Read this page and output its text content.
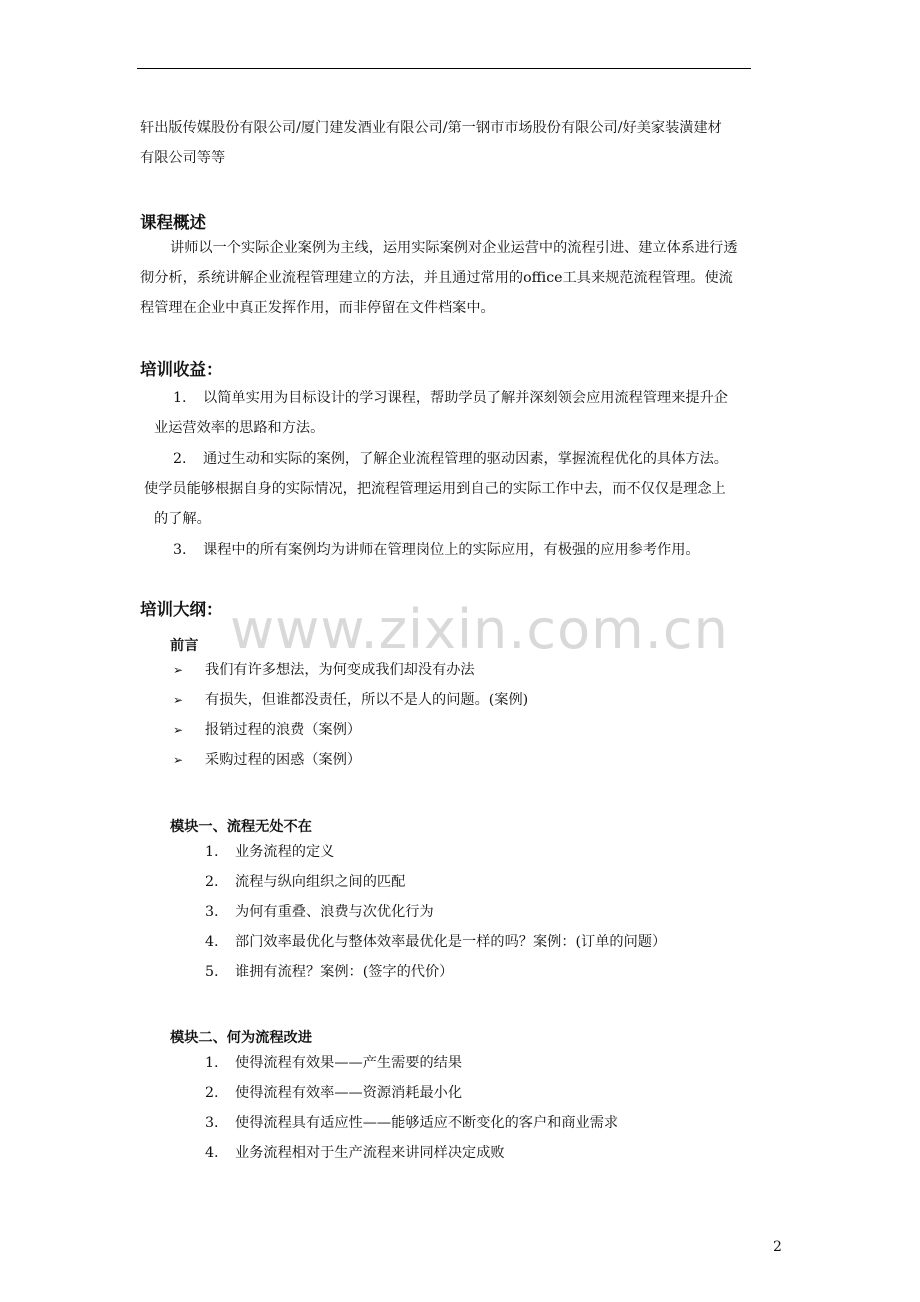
www.zixin.com.cn
轩出版传媒股份有限公司/厦门建发酒业有限公司/第一钢市市场股份有限公司/好美家装潢建材
有限公司等等
课程概述
讲师以一个实际企业案例为主线，运用实际案例对企业运营中的流程引进、建立体系进行透
彻分析，系统讲解企业流程管理建立的方法，并且通过常用的office工具来规范流程管理。使流
程管理在企业中真正发挥作用，而非停留在文件档案中。
培训收益：
1. 以简单实用为目标设计的学习课程，帮助学员了解并深刻领会应用流程管理来提升企
业运营效率的思路和方法。
2. 通过生动和实际的案例，了解企业流程管理的驱动因素，掌握流程优化的具体方法。
使学员能够根据自身的实际情况，把流程管理运用到自己的实际工作中去，而不仅仅是理念上
的了解。
3. 课程中的所有案例均为讲师在管理岗位上的实际应用，有极强的应用参考作用。
培训大纲：
前言
➢ 我们有许多想法，为何变成我们却没有办法
➢ 有损失，但谁都没责任，所以不是人的问题。(案例)
➢ 报销过程的浪费（案例）
➢ 采购过程的困惑（案例）
模块一、流程无处不在
1. 业务流程的定义
2. 流程与纵向组织之间的匹配
3. 为何有重叠、浪费与次优化行为
4. 部门效率最优化与整体效率最优化是一样的吗？案例：(订单的问题）
5. 谁拥有流程？案例：(签字的代价）
模块二、何为流程改进
1. 使得流程有效果——产生需要的结果
2. 使得流程有效率——资源消耗最小化
3. 使得流程具有适应性——能够适应不断变化的客户和商业需求
4. 业务流程相对于生产流程来讲同样决定成败
2
